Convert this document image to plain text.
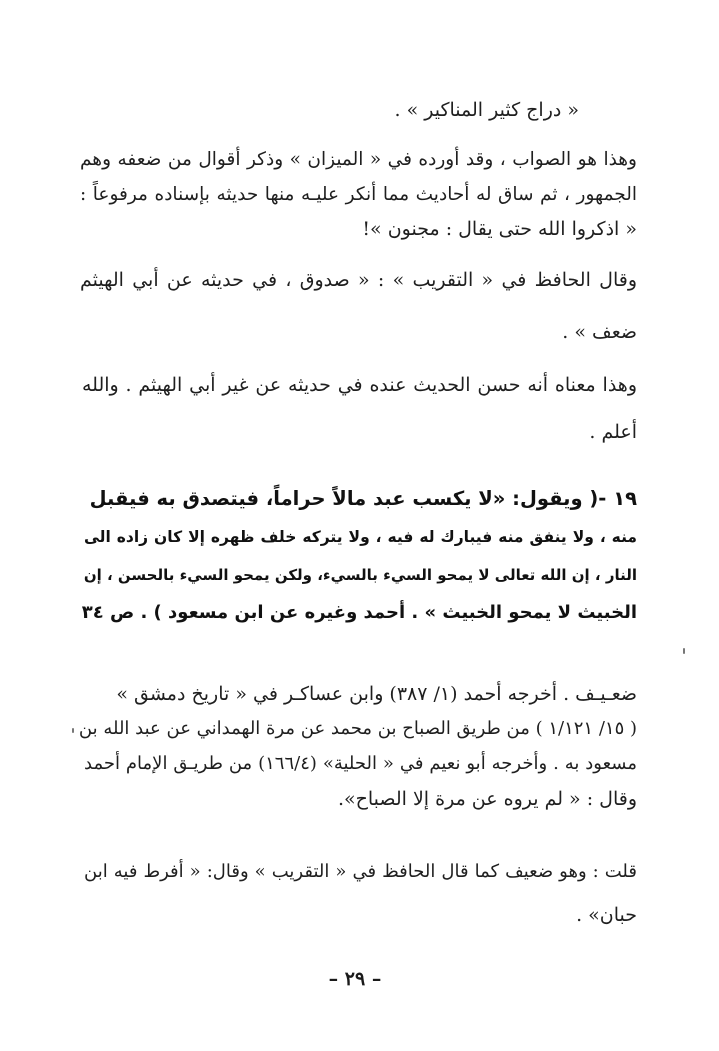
« دراج كثير المناكير » .
وهذا هو الصواب ، وقد أورده في « الميزان » وذكر أقوال من ضعفه وهم
الجمهور ، ثم ساق له أحاديث مما أنكر عليـه منها حديثه بإسناده مرفوعاً :
« اذكروا الله حتى يقال : مجنون »!
وقال الحافظ في « التقريب » : « صدوق ، في حديثه عن أبي الهيثم
ضعف » .
وهذا معناه أنه حسن الحديث عنده في حديثه عن غير أبي الهيثم . والله
أعلم .
١٩ -( ويقول: «لا يكسب عبد مالاً حراماً، فيتصدق به فيقبل
منه ، ولا ينفق منه فيبارك له فيه ، ولا يتركه خلف ظهره إلا كان زاده الى
النار ، إن الله تعالى لا يمحو السيء بالسيء، ولكن يمحو السيء بالحسن ، إن
الخبيث لا يمحو الخبيث » . أحمد وغيره عن ابن مسعود ) . ص ٣٤
ضعـيـف . أخرجه أحمد (١/ ٣٨٧) وابن عساكـر في « تاريخ دمشق »
( ١٥/ ١/١٢١ ) من طريق الصباح بن محمد عن مرة الهمداني عن عبد الله بن
مسعود به . وأخرجه أبو نعيم في « الحلية» (١٦٦/٤) من طريـق الإمام أحمد
وقال : « لم يروه عن مرة إلا الصباح».
قلت : وهو ضعيف كما قال الحافظ في « التقريب » وقال: « أفرط فيه ابن
حبان» .
– ٢٩ –
